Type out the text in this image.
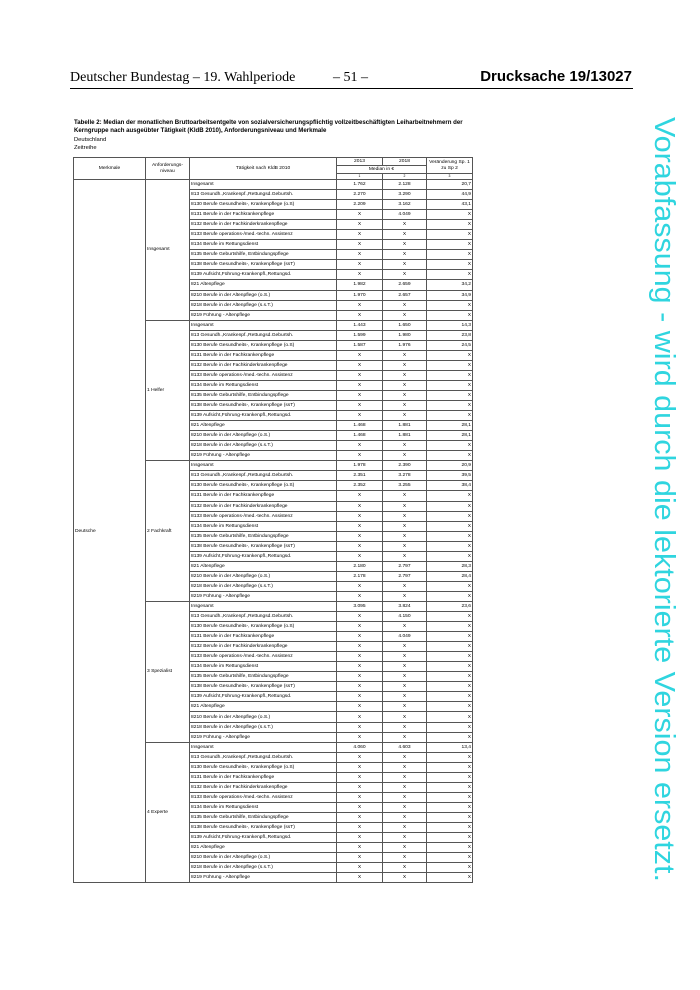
Deutscher Bundestag – 19. Wahlperiode	– 51 –	Drucksache 19/13027
Vorabfassung - wird durch die lektorierte Version ersetzt.
Tabelle 2: Median der monatlichen Bruttoarbeitsentgelte von sozialversicherungspflichtig vollzeitbeschäftigten Leiharbeitnehmern der Kerngruppe nach ausgeübter Tätigkeit (KldB 2010), Anforderungsniveau und Merkmale
Deutschland
Zeitreihe
Merkmale	Anforderungs-niveau	Tätigkeit nach KldB 2010	2013	2018	Veränderung Sp. 1 zu Sp 2
			Median in €		
			1	2	3
Deutsche	Insgesamt	Insgesamt	1.762	2.128	20,7
		813 Gesundh.,Krankenpf.,Rettungsd.Geburtsh.	2.270	3.290	44,9
		8130 Berufe Gesundheits-, Krankenpflege (o.S)	2.209	3.162	43,1
		8131 Berufe in der Fachkrankenpflege	X	4.049	X
		8132 Berufe in der Fachkinderkrankenpflege	X	X	X
		8133 Berufe operations-/med.-techn. Assistenz	X	X	X
		8134 Berufe im Rettungsdienst	X	X	X
		8135 Berufe Geburtshilfe, Entbindungspflege	X	X	X
		8138 Berufe Gesundheits-, Krankenpflege (ssT)	X	X	X
		8139 Aufsicht,Führung-Krankenpfl.,Rettungsd.	X	X	X
		821 Altenpflege	1.982	2.659	34,2
		8210 Berufe in der Altenpflege (o.S.)	1.970	2.657	34,9
		8218 Berufe in der Altenpflege (s.s.T.)	X	X	X
		8219 Führung - Altenpflege	X	X	X
	1 Helfer	Insgesamt	1.443	1.650	14,3
		813 Gesundh.,Krankenpf.,Rettungsd.Geburtsh.	1.599	1.980	23,8
		8130 Berufe Gesundheits-, Krankenpflege (o.S)	1.587	1.976	24,5
		8131 Berufe in der Fachkrankenpflege	X	X	X
		8132 Berufe in der Fachkinderkrankenpflege	X	X	X
		8133 Berufe operations-/med.-techn. Assistenz	X	X	X
		8134 Berufe im Rettungsdienst	X	X	X
		8135 Berufe Geburtshilfe, Entbindungspflege	X	X	X
		8138 Berufe Gesundheits-, Krankenpflege (ssT)	X	X	X
		8139 Aufsicht,Führung-Krankenpfl.,Rettungsd.	X	X	X
		821 Altenpflege	1.468	1.881	28,1
		8210 Berufe in der Altenpflege (o.S.)	1.468	1.881	28,1
		8218 Berufe in der Altenpflege (s.s.T.)	X	X	X
		8219 Führung - Altenpflege	X	X	X
	2 Fachkraft	Insgesamt	1.978	2.390	20,9
		813 Gesundh.,Krankenpf.,Rettungsd.Geburtsh.	2.351	3.278	39,5
		8130 Berufe Gesundheits-, Krankenpflege (o.S)	2.352	3.255	38,4
		8131 Berufe in der Fachkrankenpflege	X	X	X
		8132 Berufe in der Fachkinderkrankenpflege	X	X	X
		8133 Berufe operations-/med.-techn. Assistenz	X	X	X
		8134 Berufe im Rettungsdienst	X	X	X
		8135 Berufe Geburtshilfe, Entbindungspflege	X	X	X
		8138 Berufe Gesundheits-, Krankenpflege (ssT)	X	X	X
		8139 Aufsicht,Führung-Krankenpfl.,Rettungsd.	X	X	X
		821 Altenpflege	2.180	2.797	28,3
		8210 Berufe in der Altenpflege (o.S.)	2.178	2.797	28,4
		8218 Berufe in der Altenpflege (s.s.T.)	X	X	X
		8219 Führung - Altenpflege	X	X	X
	3 Spezialist	Insgesamt	3.095	3.824	23,6
		813 Gesundh.,Krankenpf.,Rettungsd.Geburtsh.	X	4.150	X
		8130 Berufe Gesundheits-, Krankenpflege (o.S)	X	X	X
		8131 Berufe in der Fachkrankenpflege	X	4.049	X
		8132 Berufe in der Fachkinderkrankenpflege	X	X	X
		8133 Berufe operations-/med.-techn. Assistenz	X	X	X
		8134 Berufe im Rettungsdienst	X	X	X
		8135 Berufe Geburtshilfe, Entbindungspflege	X	X	X
		8138 Berufe Gesundheits-, Krankenpflege (ssT)	X	X	X
		8139 Aufsicht,Führung-Krankenpfl.,Rettungsd.	X	X	X
		821 Altenpflege	X	X	X
		8210 Berufe in der Altenpflege (o.S.)	X	X	X
		8218 Berufe in der Altenpflege (s.s.T.)	X	X	X
		8219 Führung - Altenpflege	X	X	X
	4 Experte	Insgesamt	4.060	4.603	13,4
		813 Gesundh.,Krankenpf.,Rettungsd.Geburtsh.	X	X	X
		8130 Berufe Gesundheits-, Krankenpflege (o.S)	X	X	X
		8131 Berufe in der Fachkrankenpflege	X	X	X
		8132 Berufe in der Fachkinderkrankenpflege	X	X	X
		8133 Berufe operations-/med.-techn. Assistenz	X	X	X
		8134 Berufe im Rettungsdienst	X	X	X
		8135 Berufe Geburtshilfe, Entbindungspflege	X	X	X
		8138 Berufe Gesundheits-, Krankenpflege (ssT)	X	X	X
		8139 Aufsicht,Führung-Krankenpfl.,Rettungsd.	X	X	X
		821 Altenpflege	X	X	X
		8210 Berufe in der Altenpflege (o.S.)	X	X	X
		8218 Berufe in der Altenpflege (s.s.T.)	X	X	X
		8219 Führung - Altenpflege	X	X	X
